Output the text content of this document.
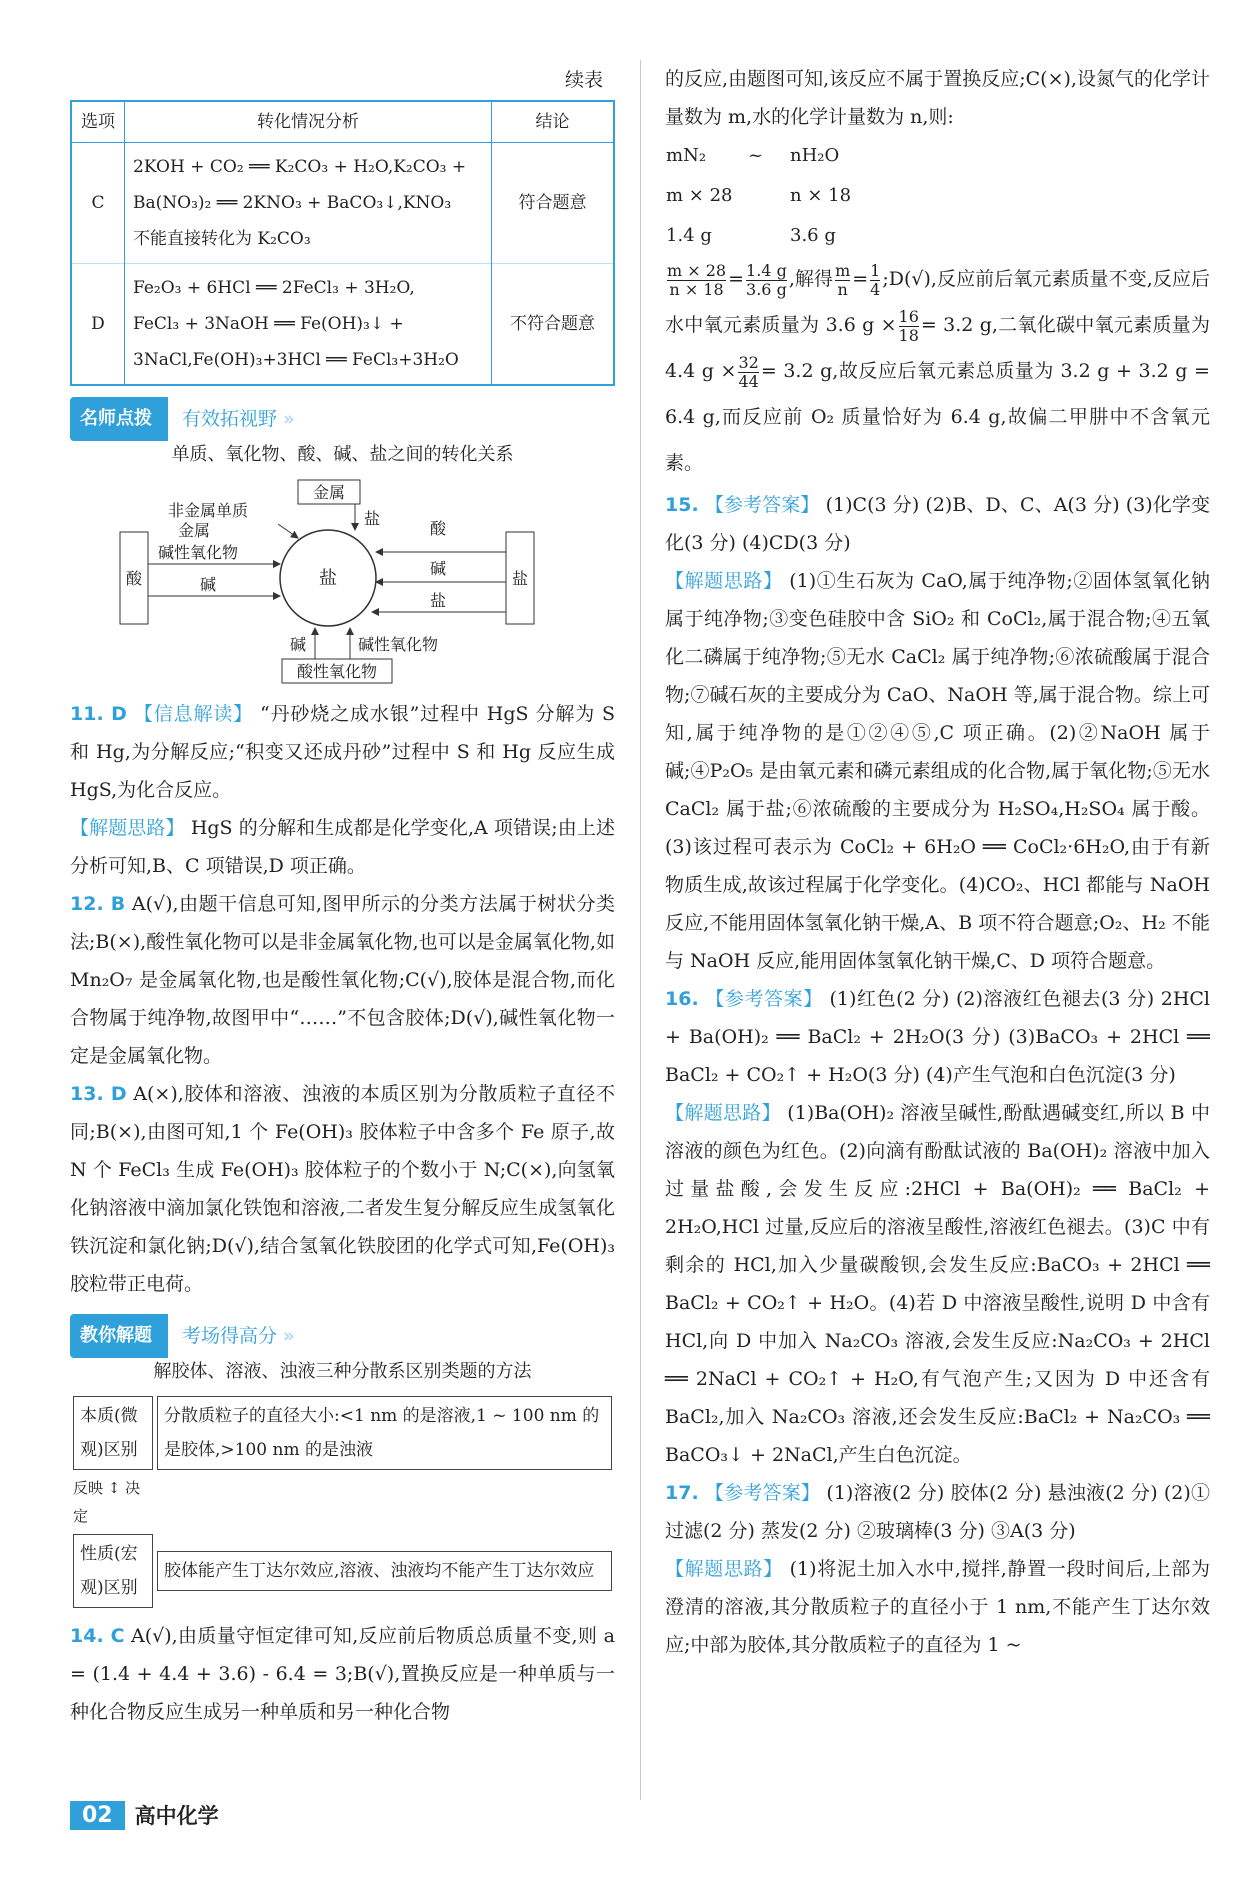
续表
选项	转化情况分析	结论
C	2KOH + CO₂ ══ K₂CO₃ + H₂O,K₂CO₃ +
Ba(NO₃)₂ ══ 2KNO₃ + BaCO₃↓,KNO₃
不能直接转化为 K₂CO₃	符合题意
D	Fe₂O₃ + 6HCl ══ 2FeCl₃ + 3H₂O,
FeCl₃ + 3NaOH ══ Fe(OH)₃↓ +
3NaCl,Fe(OH)₃+3HCl ══ FeCl₃+3H₂O	不符合题意
名师点拨	有效拓视野 »
单质、氧化物、酸、碱、盐之间的转化关系
金属
酸性氧化物
酸	盐
盐
非金属单质
金属
盐
碱性氧化物
碱
酸
碱
盐
碱	碱性氧化物

11. D 【信息解读】 “丹砂烧之成水银”过程中 HgS 分解为 S 和 Hg,为分解反应;“积变又还成丹砂”过程中 S 和 Hg 反应生成 HgS,为化合反应。

【解题思路】 HgS 的分解和生成都是化学变化,A 项错误;由上述分析可知,B、C 项错误,D 项正确。

12. B A(√),由题干信息可知,图甲所示的分类方法属于树状分类法;B(×),酸性氧化物可以是非金属氧化物,也可以是金属氧化物,如 Mn₂O₇ 是金属氧化物,也是酸性氧化物;C(√),胶体是混合物,而化合物属于纯净物,故图甲中“……”不包含胶体;D(√),碱性氧化物一定是金属氧化物。

13. D A(×),胶体和溶液、浊液的本质区别为分散质粒子直径不同;B(×),由图可知,1 个 Fe(OH)₃ 胶体粒子中含多个 Fe 原子,故 N 个 FeCl₃ 生成 Fe(OH)₃ 胶体粒子的个数小于 N;C(×),向氢氧化钠溶液中滴加氯化铁饱和溶液,二者发生复分解反应生成氢氧化铁沉淀和氯化钠;D(√),结合氢氧化铁胶团的化学式可知,Fe(OH)₃ 胶粒带正电荷。

教你解题	考场得高分 »
解胶体、溶液、浊液三种分散系区别类题的方法
本质(微观)区别	分散质粒子的直径大小:<1 nm 的是溶液,1 ~ 100 nm 的是胶体,>100 nm 的是浊液

反映 ↕ 决定	

性质(宏观)区别	胶体能产生丁达尔效应,溶液、浊液均不能产生丁达尔效应

14. C A(√),由质量守恒定律可知,反应前后物质总质量不变,则 a = (1.4 + 4.4 + 3.6) - 6.4 = 3;B(√),置换反应是一种单质与一种化合物反应生成另一种单质和另一种化合物

的反应,由题图可知,该反应不属于置换反应;C(×),设氮气的化学计量数为 m,水的化学计量数为 n,则:

mN₂	~	nH₂O
m × 28		n × 18
1.4 g		3.6 g

$\frac{m \times 28}{n \times 18} = \frac{1.4 g}{3.6 g}$ ,解得 $\frac{m}{n} = \frac{1}{4}$ ;D(√),反应前后氧元素质量不变,反应后水中氧元素质量为 3.6 $g \times \frac{16}{18} = 3.2$ g,二氧化碳中氧元素质量为 4.4 $g \times \frac{32}{44} = 3.2$ g,故反应后氧元素总质量为 3.2 g + 3.2 g = 6.4 g,而反应前 O₂ 质量恰好为 6.4 g,故偏二甲肼中不含氧元素。

15. 【参考答案】 (1)C(3 分) (2)B、D、C、A(3 分) (3)化学变化(3 分) (4)CD(3 分)

【解题思路】 (1)①生石灰为 CaO,属于纯净物;②固体氢氧化钠属于纯净物;③变色硅胶中含 SiO₂ 和 CoCl₂,属于混合物;④五氧化二磷属于纯净物;⑤无水 CaCl₂ 属于纯净物;⑥浓硫酸属于混合物;⑦碱石灰的主要成分为 CaO、NaOH 等,属于混合物。综上可知,属于纯净物的是①②④⑤,C 项正确。(2)②NaOH 属于碱;④P₂O₅ 是由氧元素和磷元素组成的化合物,属于氧化物;⑤无水 CaCl₂ 属于盐;⑥浓硫酸的主要成分为 H₂SO₄,H₂SO₄ 属于酸。(3)该过程可表示为 CoCl₂ + 6H₂O ══ CoCl₂·6H₂O,由于有新物质生成,故该过程属于化学变化。(4)CO₂、HCl 都能与 NaOH 反应,不能用固体氢氧化钠干燥,A、B 项不符合题意;O₂、H₂ 不能与 NaOH 反应,能用固体氢氧化钠干燥,C、D 项符合题意。

16. 【参考答案】 (1)红色(2 分) (2)溶液红色褪去(3 分) 2HCl + Ba(OH)₂ ══ BaCl₂ + 2H₂O(3 分) (3)BaCO₃ + 2HCl ══ BaCl₂ + CO₂↑ + H₂O(3 分) (4)产生气泡和白色沉淀(3 分)

【解题思路】 (1)Ba(OH)₂ 溶液呈碱性,酚酞遇碱变红,所以 B 中溶液的颜色为红色。(2)向滴有酚酞试液的 Ba(OH)₂ 溶液中加入过量盐酸,会发生反应:2HCl + Ba(OH)₂ ══ BaCl₂ + 2H₂O,HCl 过量,反应后的溶液呈酸性,溶液红色褪去。(3)C 中有剩余的 HCl,加入少量碳酸钡,会发生反应:BaCO₃ + 2HCl ══ BaCl₂ + CO₂↑ + H₂O。(4)若 D 中溶液呈酸性,说明 D 中含有 HCl,向 D 中加入 Na₂CO₃ 溶液,会发生反应:Na₂CO₃ + 2HCl ══ 2NaCl + CO₂↑ + H₂O,有气泡产生;又因为 D 中还含有 BaCl₂,加入 Na₂CO₃ 溶液,还会发生反应:BaCl₂ + Na₂CO₃ ══ BaCO₃↓ + 2NaCl,产生白色沉淀。

17. 【参考答案】 (1)溶液(2 分) 胶体(2 分) 悬浊液(2 分) (2)①过滤(2 分) 蒸发(2 分) ②玻璃棒(3 分) ③A(3 分)

【解题思路】 (1)将泥土加入水中,搅拌,静置一段时间后,上部为澄清的溶液,其分散质粒子的直径小于 1 nm,不能产生丁达尔效应;中部为胶体,其分散质粒子的直径为 1 ~

02	高中化学
